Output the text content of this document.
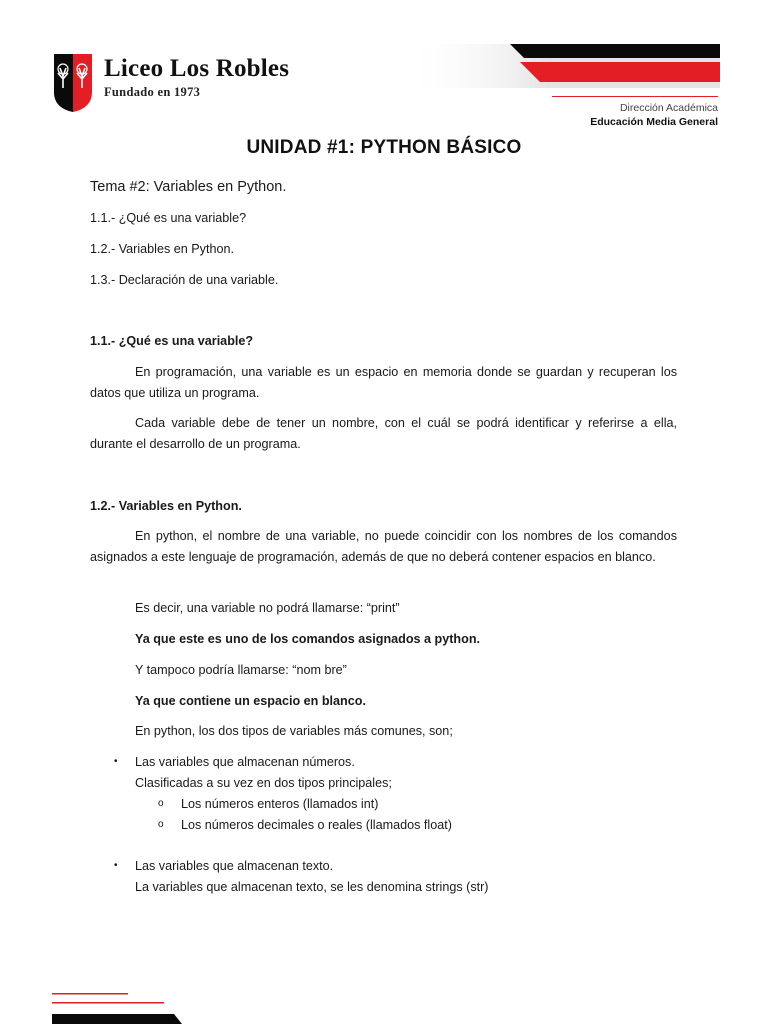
Liceo Los Robles
Fundado en 1973
Dirección Académica
Educación Media General
UNIDAD #1: PYTHON BÁSICO
Tema #2: Variables en Python.
1.1.- ¿Qué es una variable?
1.2.- Variables en Python.
1.3.- Declaración de una variable.
1.1.- ¿Qué es una variable?
En programación, una variable es un espacio en memoria donde se guardan y recuperan los datos que utiliza un programa.
Cada variable debe de tener un nombre, con el cuál se podrá identificar y referirse a ella, durante el desarrollo de un programa.
1.2.- Variables en Python.
En python, el nombre de una variable, no puede coincidir con los nombres de los comandos asignados a este lenguaje de programación, además de que no deberá contener espacios en blanco.
Es decir, una variable no podrá llamarse: “print”
Ya que este es uno de los comandos asignados a python.
Y tampoco podría llamarse: “nom bre”
Ya que contiene un espacio en blanco.
En python, los dos tipos de variables más comunes, son;
• Las variables que almacenan números.
Clasificadas a su vez en dos tipos principales;
o Los números enteros (llamados int)
o Los números decimales o reales (llamados float)
• Las variables que almacenan texto.
La variables que almacenan texto, se les denomina strings (str)
